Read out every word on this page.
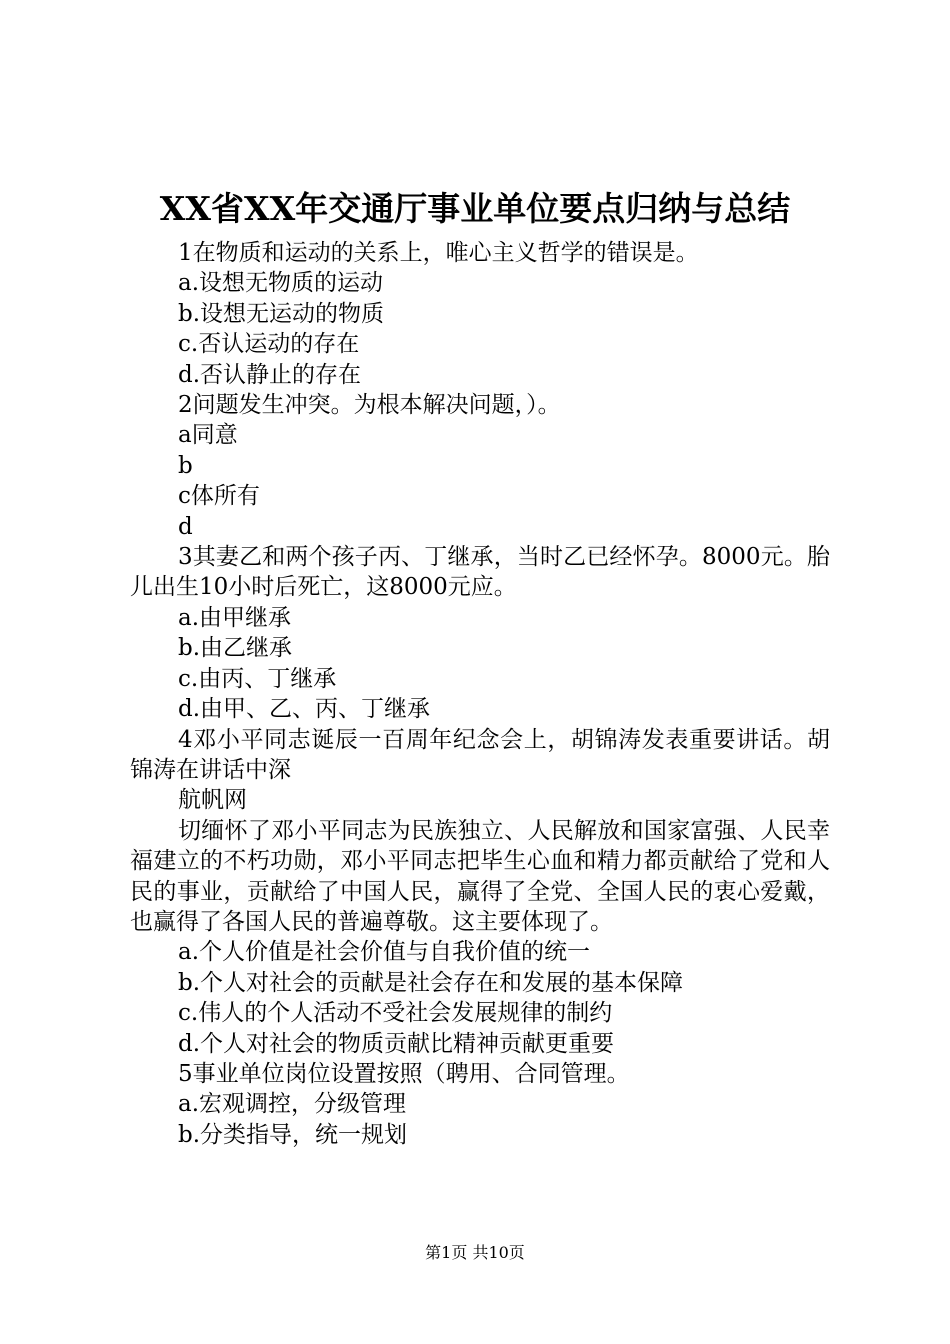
XX省XX年交通厅事业单位要点归纳与总结

1在物质和运动的关系上，唯心主义哲学的错误是。

a.设想无物质的运动

b.设想无运动的物质

c.否认运动的存在

d.否认静止的存在

2问题发生冲突。为根本解决问题，）。

a同意

b

c体所有

d

3其妻乙和两个孩子丙、丁继承，当时乙已经怀孕。8000元。胎儿出生10小时后死亡，这8000元应。

a.由甲继承

b.由乙继承

c.由丙、丁继承

d.由甲、乙、丙、丁继承

4邓小平同志诞辰一百周年纪念会上，胡锦涛发表重要讲话。胡锦涛在讲话中深

航帆网

切缅怀了邓小平同志为民族独立、人民解放和国家富强、人民幸福建立的不朽功勋，邓小平同志把毕生心血和精力都贡献给了党和人民的事业，贡献给了中国人民，赢得了全党、全国人民的衷心爱戴，也赢得了各国人民的普遍尊敬。这主要体现了。

a.个人价值是社会价值与自我价值的统一

b.个人对社会的贡献是社会存在和发展的基本保障

c.伟人的个人活动不受社会发展规律的制约

d.个人对社会的物质贡献比精神贡献更重要

5事业单位岗位设置按照（聘用、合同管理。

a.宏观调控，分级管理

b.分类指导，统一规划

第1页 共10页
